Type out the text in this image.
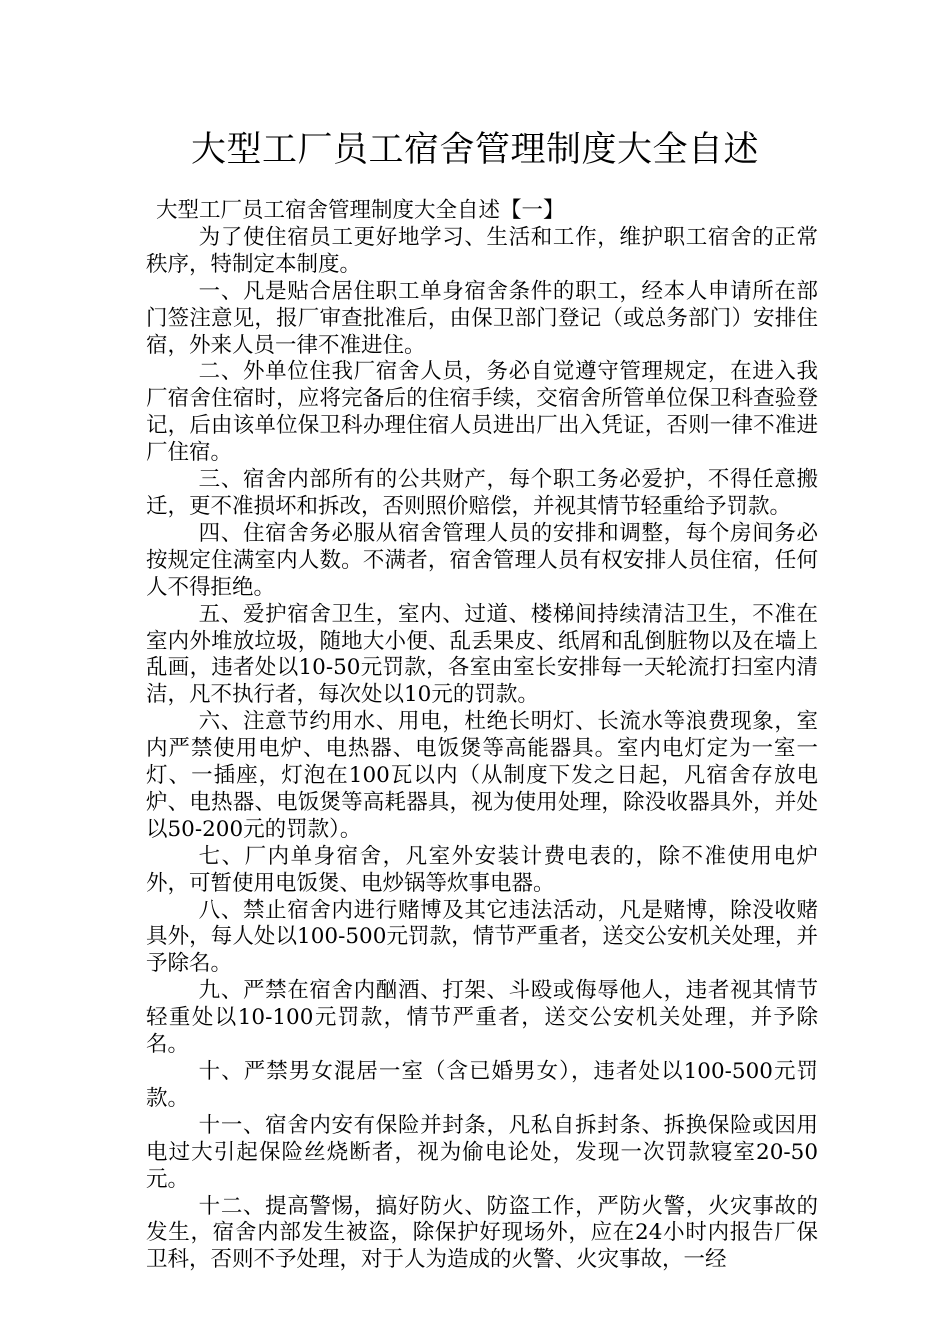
大型工厂员工宿舍管理制度大全自述

大型工厂员工宿舍管理制度大全自述【一】

为了使住宿员工更好地学习、生活和工作，维护职工宿舍的正常秩序，特制定本制度。

一、凡是贴合居住职工单身宿舍条件的职工，经本人申请所在部门签注意见，报厂审查批准后，由保卫部门登记（或总务部门）安排住宿，外来人员一律不准进住。

二、外单位住我厂宿舍人员，务必自觉遵守管理规定，在进入我厂宿舍住宿时，应将完备后的住宿手续，交宿舍所管单位保卫科查验登记，后由该单位保卫科办理住宿人员进出厂出入凭证，否则一律不准进厂住宿。

三、宿舍内部所有的公共财产，每个职工务必爱护，不得任意搬迁，更不准损坏和拆改，否则照价赔偿，并视其情节轻重给予罚款。

四、住宿舍务必服从宿舍管理人员的安排和调整，每个房间务必按规定住满室内人数。不满者，宿舍管理人员有权安排人员住宿，任何人不得拒绝。

五、爱护宿舍卫生，室内、过道、楼梯间持续清洁卫生，不准在室内外堆放垃圾，随地大小便、乱丢果皮、纸屑和乱倒脏物以及在墙上乱画，违者处以10-50元罚款，各室由室长安排每一天轮流打扫室内清洁，凡不执行者，每次处以10元的罚款。

六、注意节约用水、用电，杜绝长明灯、长流水等浪费现象，室内严禁使用电炉、电热器、电饭煲等高能器具。室内电灯定为一室一灯、一插座，灯泡在100瓦以内（从制度下发之日起，凡宿舍存放电炉、电热器、电饭煲等高耗器具，视为使用处理，除没收器具外，并处以50-200元的罚款）。

七、厂内单身宿舍，凡室外安装计费电表的，除不准使用电炉外，可暂使用电饭煲、电炒锅等炊事电器。

八、禁止宿舍内进行赌博及其它违法活动，凡是赌博，除没收赌具外，每人处以100-500元罚款，情节严重者，送交公安机关处理，并予除名。

九、严禁在宿舍内酗酒、打架、斗殴或侮辱他人，违者视其情节轻重处以10-100元罚款，情节严重者，送交公安机关处理，并予除名。

十、严禁男女混居一室（含已婚男女），违者处以100-500元罚款。

十一、宿舍内安有保险并封条，凡私自拆封条、拆换保险或因用电过大引起保险丝烧断者，视为偷电论处，发现一次罚款寝室20-50元。

十二、提高警惕，搞好防火、防盗工作，严防火警，火灾事故的发生，宿舍内部发生被盗，除保护好现场外，应在24小时内报告厂保卫科，否则不予处理，对于人为造成的火警、火灾事故，一经
